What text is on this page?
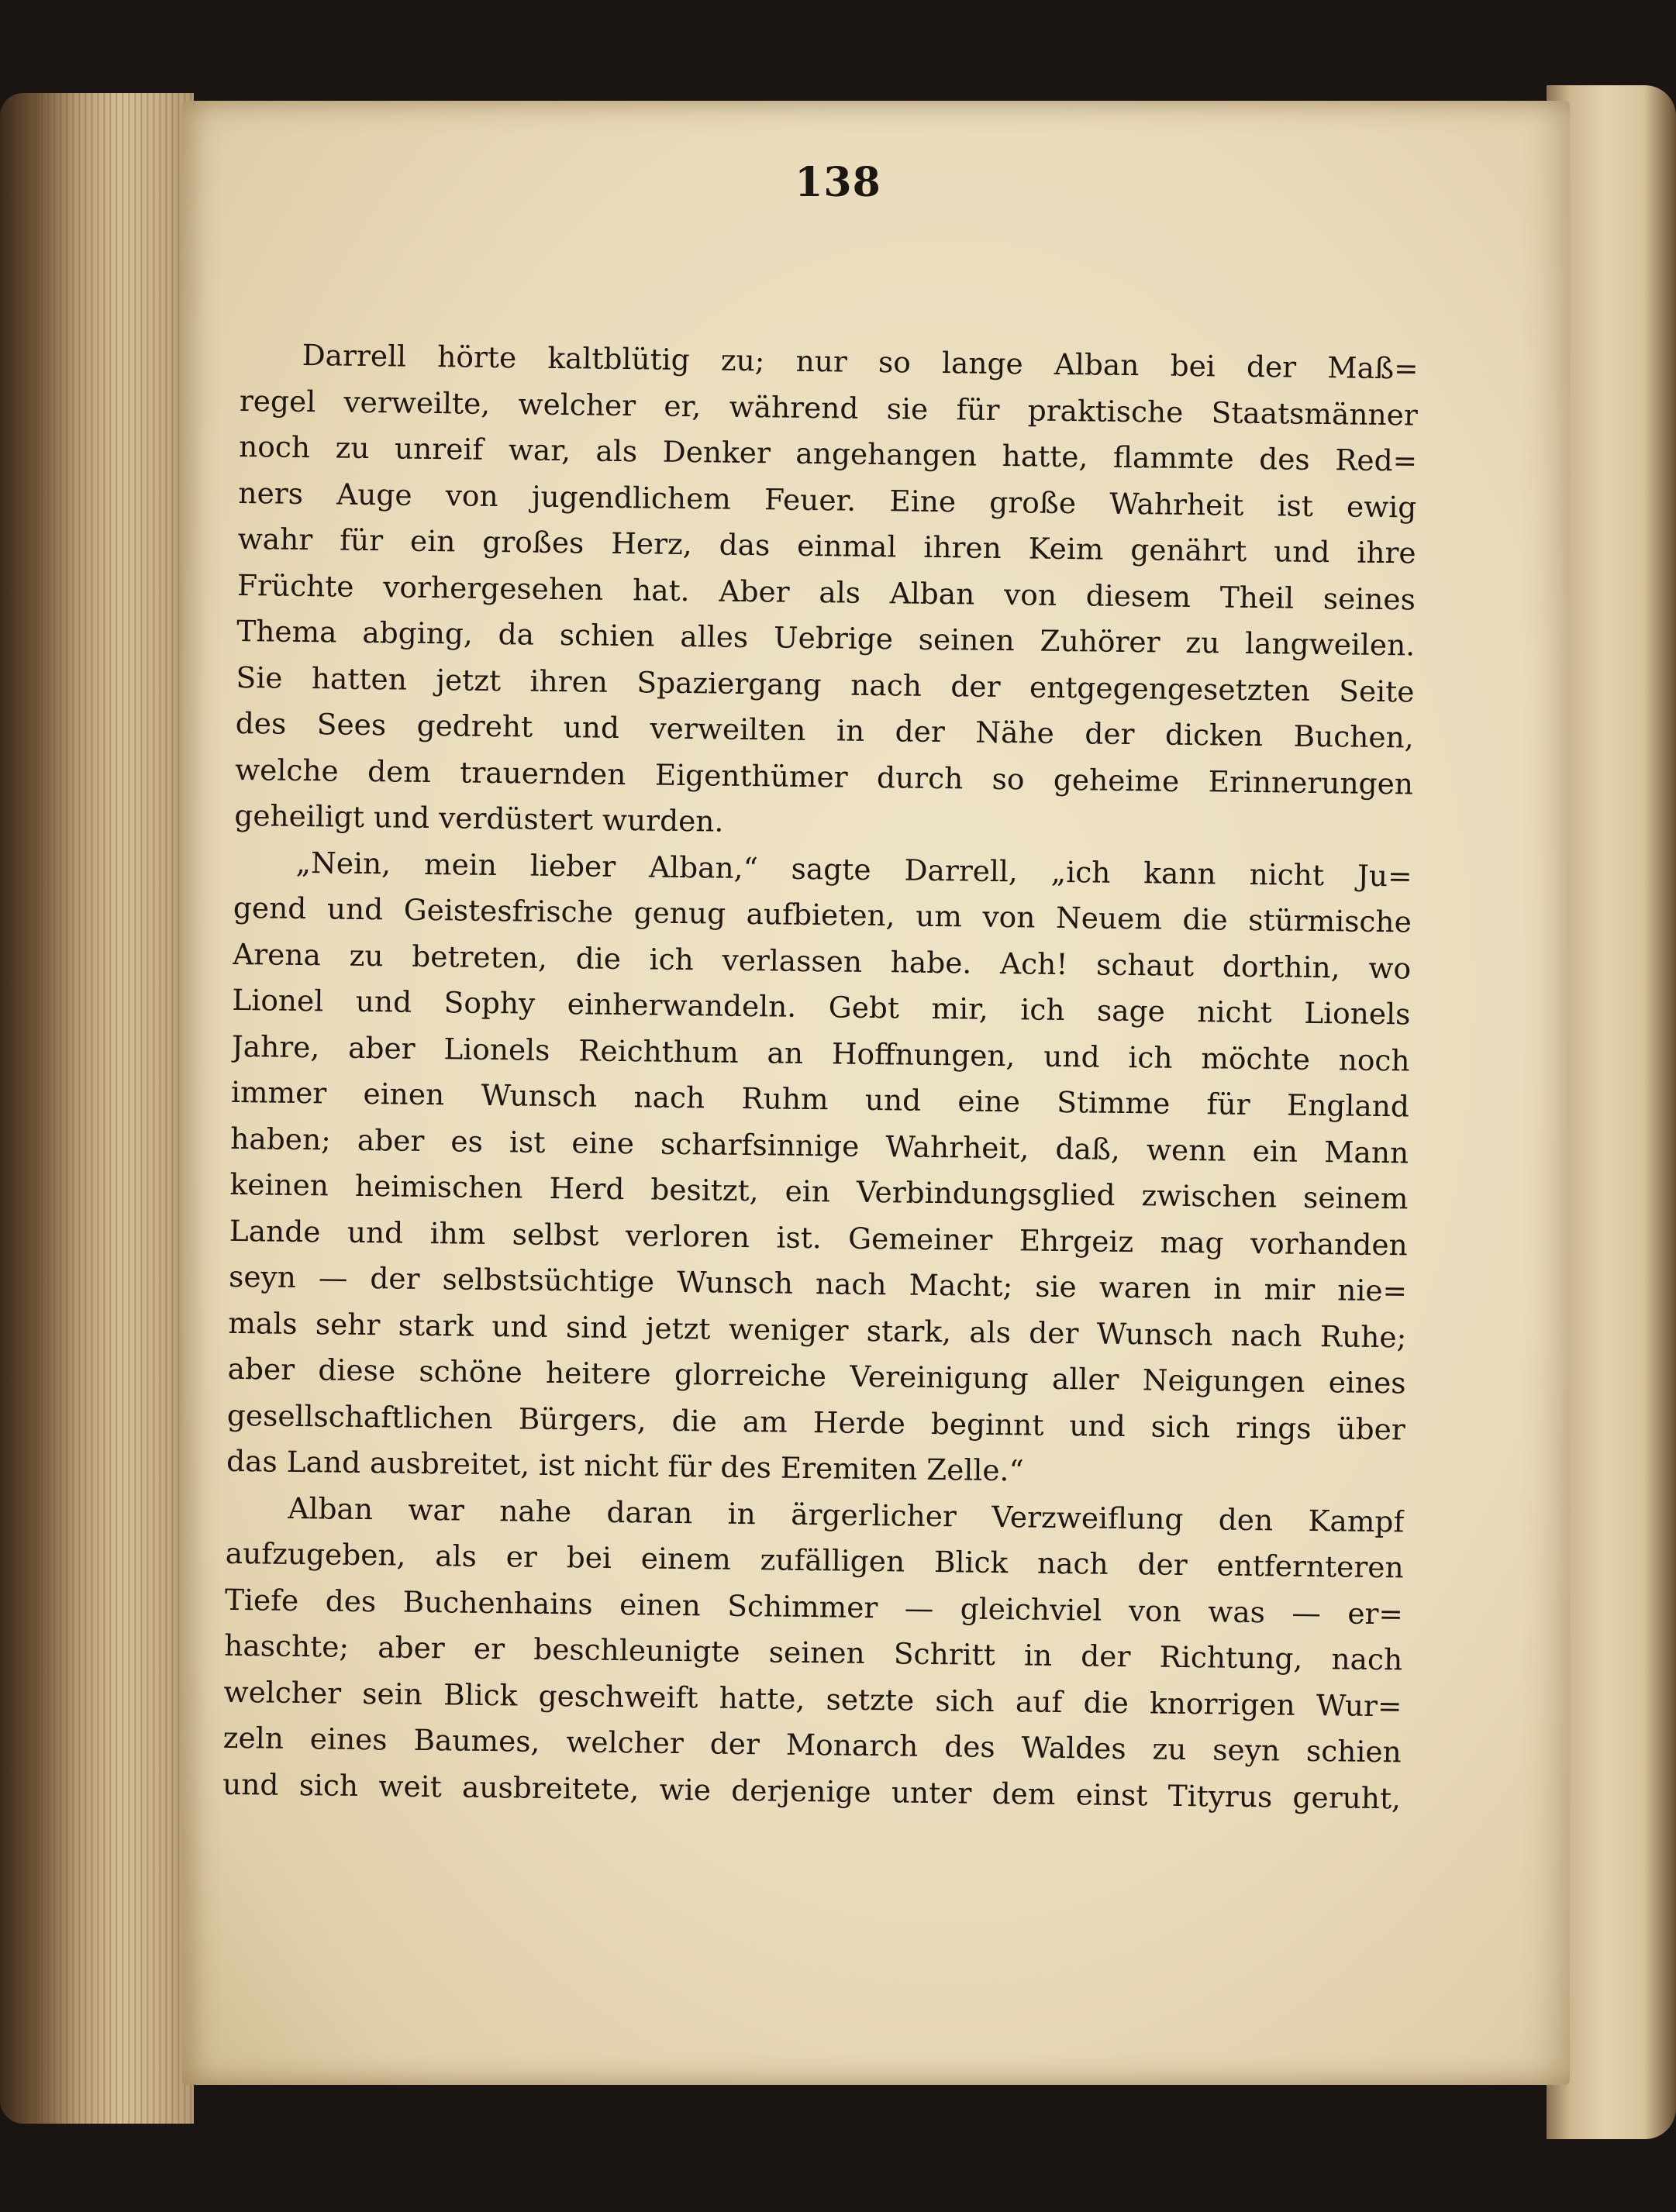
138
Darrell hörte kaltblütig zu; nur so lange Alban bei der Maß=
regel verweilte, welcher er, während sie für praktische Staatsmänner
noch zu unreif war, als Denker angehangen hatte, flammte des Red=
ners Auge von jugendlichem Feuer. Eine große Wahrheit ist ewig
wahr für ein großes Herz, das einmal ihren Keim genährt und ihre
Früchte vorhergesehen hat. Aber als Alban von diesem Theil seines
Thema abging, da schien alles Uebrige seinen Zuhörer zu langweilen.
Sie hatten jetzt ihren Spaziergang nach der entgegengesetzten Seite
des Sees gedreht und verweilten in der Nähe der dicken Buchen,
welche dem trauernden Eigenthümer durch so geheime Erinnerungen
geheiligt und verdüstert wurden.
„Nein, mein lieber Alban,“ sagte Darrell, „ich kann nicht Ju=
gend und Geistesfrische genug aufbieten, um von Neuem die stürmische
Arena zu betreten, die ich verlassen habe. Ach! schaut dorthin, wo
Lionel und Sophy einherwandeln. Gebt mir, ich sage nicht Lionels
Jahre, aber Lionels Reichthum an Hoffnungen, und ich möchte noch
immer einen Wunsch nach Ruhm und eine Stimme für England
haben; aber es ist eine scharfsinnige Wahrheit, daß, wenn ein Mann
keinen heimischen Herd besitzt, ein Verbindungsglied zwischen seinem
Lande und ihm selbst verloren ist. Gemeiner Ehrgeiz mag vorhanden
seyn — der selbstsüchtige Wunsch nach Macht; sie waren in mir nie=
mals sehr stark und sind jetzt weniger stark, als der Wunsch nach Ruhe;
aber diese schöne heitere glorreiche Vereinigung aller Neigungen eines
gesellschaftlichen Bürgers, die am Herde beginnt und sich rings über
das Land ausbreitet, ist nicht für des Eremiten Zelle.“
Alban war nahe daran in ärgerlicher Verzweiflung den Kampf
aufzugeben, als er bei einem zufälligen Blick nach der entfernteren
Tiefe des Buchenhains einen Schimmer — gleichviel von was — er=
haschte; aber er beschleunigte seinen Schritt in der Richtung, nach
welcher sein Blick geschweift hatte, setzte sich auf die knorrigen Wur=
zeln eines Baumes, welcher der Monarch des Waldes zu seyn schien
und sich weit ausbreitete, wie derjenige unter dem einst Tityrus geruht,
